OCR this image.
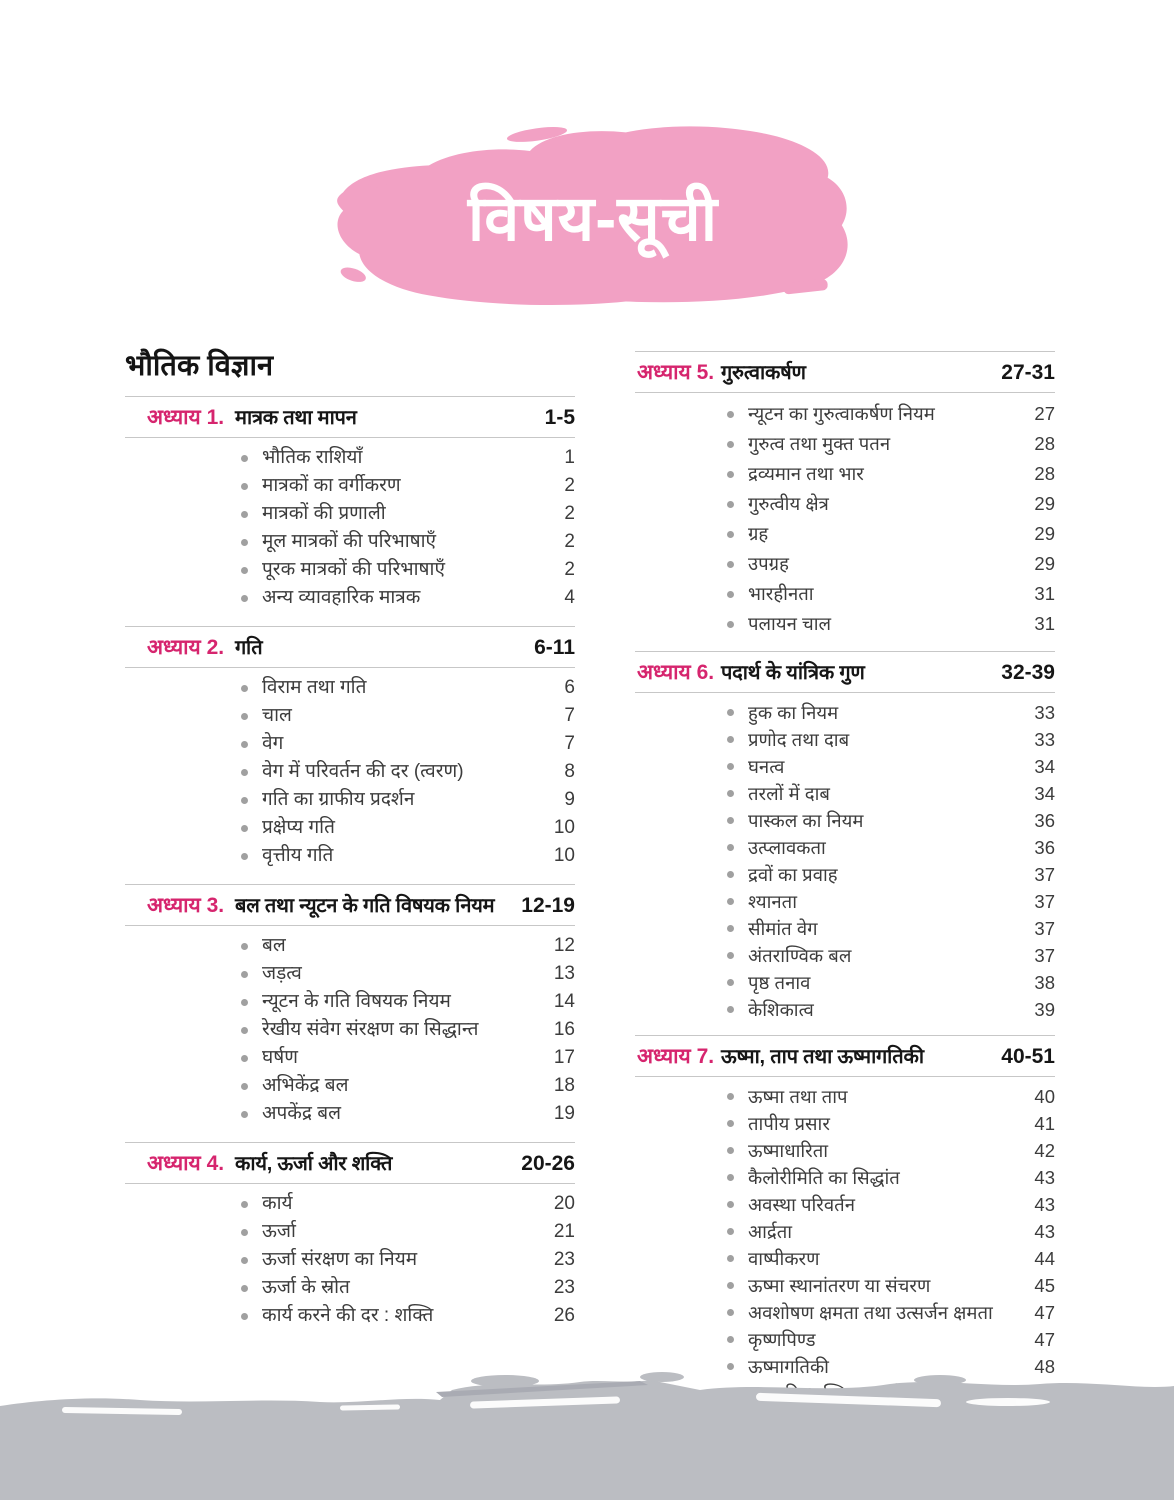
विषय-सूची
भौतिक विज्ञान
अध्याय 1. मात्रक तथा मापन	1-5
भौतिक राशियाँ	1
मात्रकों का वर्गीकरण	2
मात्रकों की प्रणाली	2
मूल मात्रकों की परिभाषाएँ	2
पूरक मात्रकों की परिभाषाएँ	2
अन्य व्यावहारिक मात्रक	4
अध्याय 2. गति	6-11
विराम तथा गति	6
चाल	7
वेग	7
वेग में परिवर्तन की दर (त्वरण)	8
गति का ग्राफीय प्रदर्शन	9
प्रक्षेप्य गति	10
वृत्तीय गति	10
अध्याय 3. बल तथा न्यूटन के गति विषयक नियम	12-19
बल	12
जड़त्व	13
न्यूटन के गति विषयक नियम	14
रेखीय संवेग संरक्षण का सिद्धान्त	16
घर्षण	17
अभिकेंद्र बल	18
अपकेंद्र बल	19
अध्याय 4. कार्य, ऊर्जा और शक्ति	20-26
कार्य	20
ऊर्जा	21
ऊर्जा संरक्षण का नियम	23
ऊर्जा के स्रोत	23
कार्य करने की दर : शक्ति	26
अध्याय 5. गुरुत्वाकर्षण	27-31
न्यूटन का गुरुत्वाकर्षण नियम	27
गुरुत्व तथा मुक्त पतन	28
द्रव्यमान तथा भार	28
गुरुत्वीय क्षेत्र	29
ग्रह	29
उपग्रह	29
भारहीनता	31
पलायन चाल	31
अध्याय 6. पदार्थ के यांत्रिक गुण	32-39
हुक का नियम	33
प्रणोद तथा दाब	33
घनत्व	34
तरलों में दाब	34
पास्कल का नियम	36
उत्प्लावकता	36
द्रवों का प्रवाह	37
श्यानता	37
सीमांत वेग	37
अंतराण्विक बल	37
पृष्ठ तनाव	38
केशिकात्व	39
अध्याय 7. ऊष्मा, ताप तथा ऊष्मागतिकी	40-51
ऊष्मा तथा ताप	40
तापीय प्रसार	41
ऊष्माधारिता	42
कैलोरीमिति का सिद्धांत	43
अवस्था परिवर्तन	43
आर्द्रता	43
वाष्पीकरण	44
ऊष्मा स्थानांतरण या संचरण	45
अवशोषण क्षमता तथा उत्सर्जन क्षमता	47
कृष्णपिण्ड	47
ऊष्मागतिकी	48
